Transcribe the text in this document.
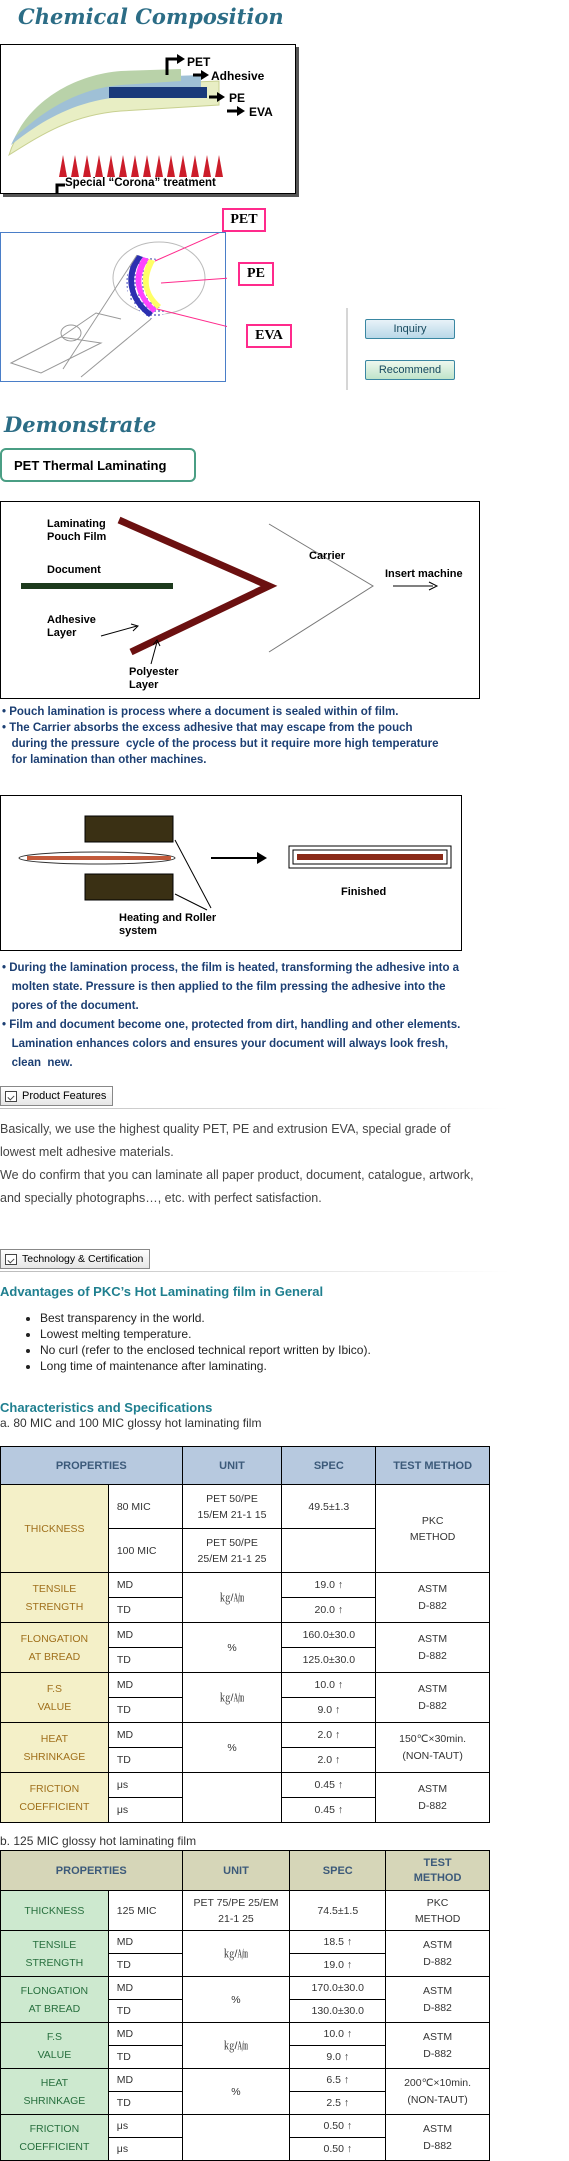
Chemical Composition
PET
Adhesive
PE
EVA
Special “Corona” treatment
PET
PE
EVA	Inquiry
Recommend
Demonstrate
PET Thermal Laminating
Laminating
Pouch Film
Document
Adhesive
Layer
Polyester
Layer
Carrier
Insert machine
• Pouch lamination is process where a document is sealed within of film.
• The Carrier absorbs the excess adhesive that may escape from the pouch
during the pressure  cycle of the process but it require more high temperature
for lamination than other machines.
Heating and Roller
system
Finished
• During the lamination process, the film is heated, transforming the adhesive into a
molten state. Pressure is then applied to the film pressing the adhesive into the
pores of the document.
• Film and document become one, protected from dirt, handling and other elements.
Lamination enhances colors and ensures your document will always look fresh,
clean  new.
Product Features
Basically, we use the highest quality PET, PE and extrusion EVA, special grade of
lowest melt adhesive materials.
We do confirm that you can laminate all paper product, document, catalogue, artwork,
and specially photographs…, etc. with perfect satisfaction.
Technology & Certification
Advantages of PKC’s Hot Laminating film in General
• Best transparency in the world.
• Lowest melting temperature.
• No curl (refer to the enclosed technical report written by Ibico).
• Long time of maintenance after laminating.
Characteristics and Specifications
a. 80 MIC and 100 MIC glossy hot laminating film
PROPERTIES		UNIT	SPEC	TEST METHOD
THICKNESS	80 MIC	PET 50/PE
15/EM 21-1 15	49.5±1.3	PKC
METHOD
	100 MIC	PET 50/PE
25/EM 21-1 25		
TENSILE
STRENGTH	MD	㎏/㏟	19.0 ↑	ASTM
D-882
	TD		20.0 ↑	
FLONGATION
AT BREAD	MD	%	160.0±30.0	ASTM
D-882
	TD		125.0±30.0	
F.S
VALUE	MD	㎏/㏟	10.0 ↑	ASTM
D-882
	TD		9.0 ↑	
HEAT
SHRINKAGE	MD	%	2.0 ↑	150℃×30min.
(NON-TAUT)
	TD		2.0 ↑	
FRICTION
COEFFICIENT	μs		0.45 ↑	ASTM
D-882
	μs		0.45 ↑	
b. 125 MIC glossy hot laminating film
PROPERTIES		UNIT	SPEC	TEST
METHOD
THICKNESS	125 MIC	PET 75/PE 25/EM
21-1 25	74.5±1.5	PKC
METHOD
TENSILE
STRENGTH	MD	㎏/㏟	18.5 ↑	ASTM
D-882
	TD		19.0 ↑	
FLONGATION
AT BREAD	MD	%	170.0±30.0	ASTM
D-882
	TD		130.0±30.0	
F.S
VALUE	MD	㎏/㏟	10.0 ↑	ASTM
D-882
	TD		9.0 ↑	
HEAT
SHRINKAGE	MD	%	6.5 ↑	200℃×10min.
(NON-TAUT)
	TD		2.5 ↑	
FRICTION
COEFFICIENT	μs		0.50 ↑	ASTM
D-882
	μs		0.50 ↑	
